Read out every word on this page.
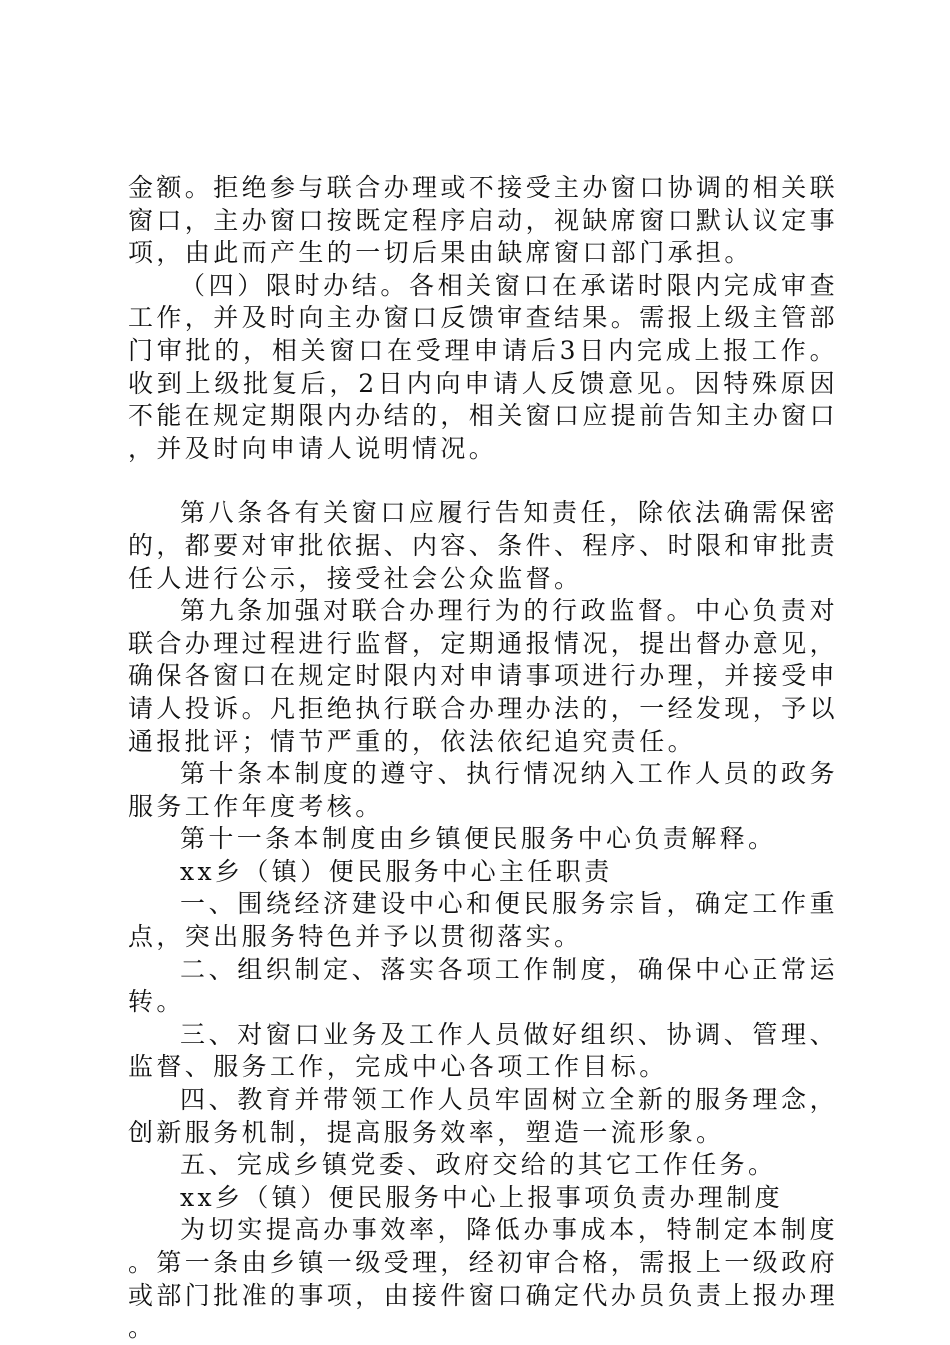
金额。拒绝参与联合办理或不接受主办窗口协调的相关联窗口，主办窗口按既定程序启动，视缺席窗口默认议定事项，由此而产生的一切后果由缺席窗口部门承担。

（四）限时办结。各相关窗口在承诺时限内完成审查工作，并及时向主办窗口反馈审查结果。需报上级主管部门审批的，相关窗口在受理申请后3日内完成上报工作。收到上级批复后，2日内向申请人反馈意见。因特殊原因不能在规定期限内办结的，相关窗口应提前告知主办窗口，并及时向申请人说明情况。

第八条各有关窗口应履行告知责任，除依法确需保密的，都要对审批依据、内容、条件、程序、时限和审批责任人进行公示，接受社会公众监督。

第九条加强对联合办理行为的行政监督。中心负责对联合办理过程进行监督，定期通报情况，提出督办意见，确保各窗口在规定时限内对申请事项进行办理，并接受申请人投诉。凡拒绝执行联合办理办法的，一经发现，予以通报批评；情节严重的，依法依纪追究责任。

第十条本制度的遵守、执行情况纳入工作人员的政务服务工作年度考核。

第十一条本制度由乡镇便民服务中心负责解释。

xx乡（镇）便民服务中心主任职责

一、围绕经济建设中心和便民服务宗旨，确定工作重点，突出服务特色并予以贯彻落实。

二、组织制定、落实各项工作制度，确保中心正常运转。

三、对窗口业务及工作人员做好组织、协调、管理、监督、服务工作，完成中心各项工作目标。

四、教育并带领工作人员牢固树立全新的服务理念，创新服务机制，提高服务效率，塑造一流形象。

五、完成乡镇党委、政府交给的其它工作任务。

xx乡（镇）便民服务中心上报事项负责办理制度

为切实提高办事效率，降低办事成本，特制定本制度。第一条由乡镇一级受理，经初审合格，需报上一级政府或部门批准的事项，由接件窗口确定代办员负责上报办理。
